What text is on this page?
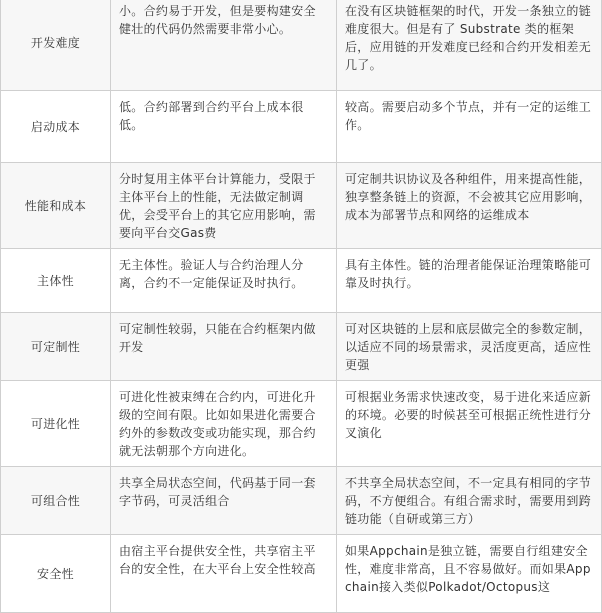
开发难度	小。合约易于开发，但是要构建安全健壮的代码仍然需要非常小心。	在没有区块链框架的时代，开发一条独立的链难度很大。但是有了 Substrate 类的框架后，应用链的开发难度已经和合约开发相差无几了。
启动成本	低。合约部署到合约平台上成本很低。	较高。需要启动多个节点，并有一定的运维工作。
性能和成本	分时复用主体平台计算能力，受限于主体平台上的性能，无法做定制调优，会受平台上的其它应用影响，需要向平台交Gas费	可定制共识协议及各种组件，用来提高性能，独享整条链上的资源，不会被其它应用影响，成本为部署节点和网络的运维成本
主体性	无主体性。验证人与合约治理人分离，合约不一定能保证及时执行。	具有主体性。链的治理者能保证治理策略能可靠及时执行。
可定制性	可定制性较弱，只能在合约框架内做开发	可对区块链的上层和底层做完全的参数定制，以适应不同的场景需求，灵活度更高，适应性更强
可进化性	可进化性被束缚在合约内，可进化升级的空间有限。比如如果进化需要合约外的参数改变或功能实现，那合约就无法朝那个方向进化。	可根据业务需求快速改变，易于进化来适应新的环境。必要的时候甚至可根据正统性进行分叉演化
可组合性	共享全局状态空间，代码基于同一套字节码，可灵活组合	不共享全局状态空间，不一定具有相同的字节码，不方便组合。有组合需求时，需要用到跨链功能（自研或第三方）
安全性	由宿主平台提供安全性，共享宿主平台的安全性，在大平台上安全性较高	如果Appchain是独立链，需要自行组建安全性，难度非常高，且不容易做好。而如果Appchain接入类似Polkadot/Octopus这
